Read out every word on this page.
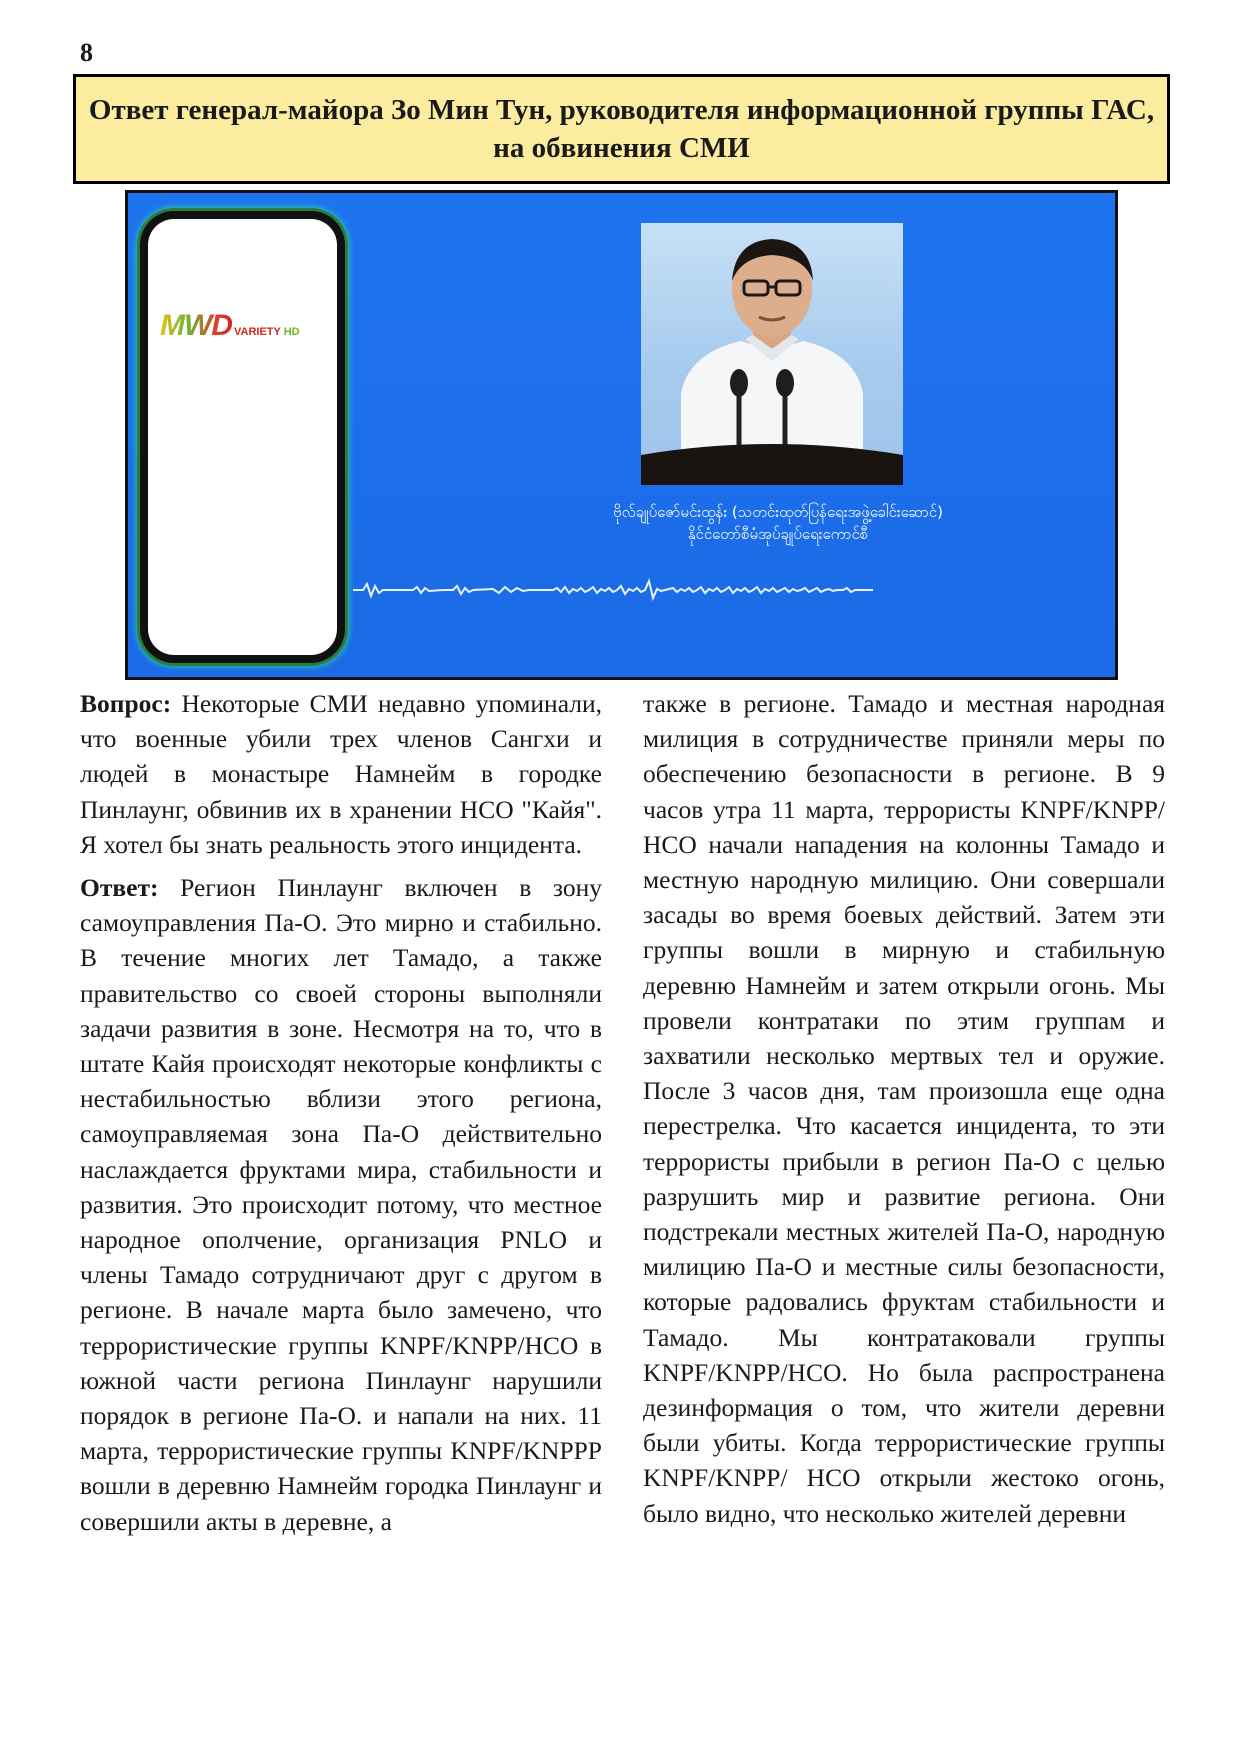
8
Ответ генерал-майора Зо Мин Тун, руководителя информационной группы ГАС, на обвинения СМИ
MWD VARIETY HD
ဗိုလ်ချုပ်ဇော်မင်းထွန်း (သတင်းထုတ်ပြန်ရေးအဖွဲ့ခေါင်းဆောင်)
နိုင်ငံတော်စီမံအုပ်ချုပ်ရေးကောင်စီ

Вопрос: Некоторые СМИ недавно упоминали, что военные убили трех членов Сангхи и людей в монастыре Намнейм в городке Пинлаунг, обвинив их в хранении НСО "Кайя". Я хотел бы знать реальность этого инцидента.

Ответ: Регион Пинлаунг включен в зону самоуправления Па-О. Это мирно и стабильно. В течение многих лет Тамадо, а также правительство со своей стороны выполняли задачи развития в зоне. Несмотря на то, что в штате Кайя происходят некоторые конфликты с нестабильностью вблизи этого региона, самоуправляемая зона Па-О действительно наслаждается фруктами мира, стабильности и развития. Это происходит потому, что местное народное ополчение, организация PNLO и члены Тамадо сотрудничают друг с другом в регионе. В начале марта было замечено, что террористические группы KNPF/KNPP/НСО в южной части региона Пинлаунг нарушили порядок в регионе Па-О. и напали на них. 11 марта, террористические группы KNPF/KNPPP вошли в деревню Намнейм городка Пинлаунг и совершили акты в деревне, а

также в регионе. Тамадо и местная народная милиция в сотрудничестве приняли меры по обеспечению безопасности в регионе. В 9 часов утра 11 марта, террористы KNPF/KNPP/НСО начали нападения на колонны Тамадо и местную народную милицию. Они совершали засады во время боевых действий. Затем эти группы вошли в мирную и стабильную деревню Намнейм и затем открыли огонь. Мы провели контратаки по этим группам и захватили несколько мертвых тел и оружие. После 3 часов дня, там произошла еще одна перестрелка. Что касается инцидента, то эти террористы прибыли в регион Па-О с целью разрушить мир и развитие региона. Они подстрекали местных жителей Па-О, народную милицию Па-О и местные силы безопасности, которые радовались фруктам стабильности и Тамадо. Мы контратаковали группы KNPF/KNPP/НСО. Но была распространена дезинформация о том, что жители деревни были убиты. Когда террористические группы KNPF/KNPP/ НСО открыли жестоко огонь, было видно, что несколько жителей деревни
